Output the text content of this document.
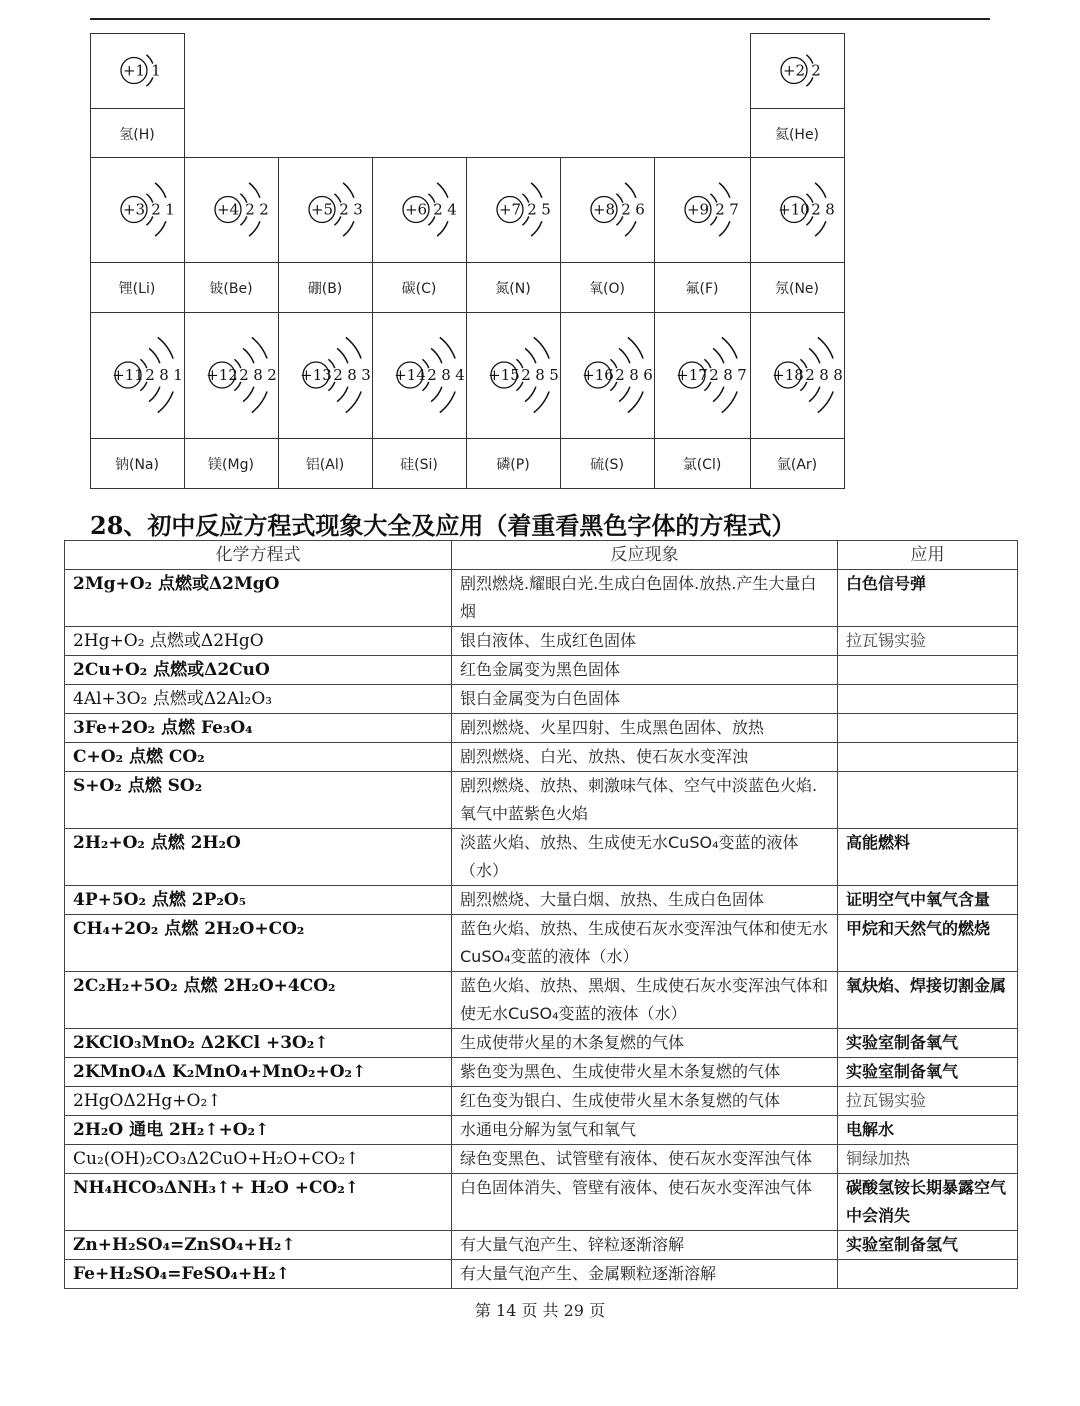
+1 1
氢(H)
+2 2
氦(He)
+3 2 1
锂(Li)
+4 2 2
铍(Be)
+5 2 3
硼(B)
+6 2 4
碳(C)
+7 2 5
氮(N)
+8 2 6
氧(O)
+9 2 7
氟(F)
+10 2 8
氖(Ne)
+11 2 8 1
钠(Na)
+12 2 8 2
镁(Mg)
+13 2 8 3
铝(Al)
+14 2 8 4
硅(Si)
+15 2 8 5
磷(P)
+16 2 8 6
硫(S)
+17 2 8 7
氯(Cl)
+18 2 8 8
氩(Ar)
28、初中反应方程式现象大全及应用（着重看黑色字体的方程式）
化学方程式	反应现象	应用
2Mg+O₂ 点燃或Δ2MgO	剧烈燃烧.耀眼白光.生成白色固体.放热.产生大量白烟	白色信号弹
2Hg+O₂ 点燃或Δ2HgO	银白液体、生成红色固体	拉瓦锡实验
2Cu+O₂ 点燃或Δ2CuO	红色金属变为黑色固体	
4Al+3O₂ 点燃或Δ2Al₂O₃	银白金属变为白色固体	
3Fe+2O₂ 点燃 Fe₃O₄	剧烈燃烧、火星四射、生成黑色固体、放热	
C+O₂ 点燃 CO₂	剧烈燃烧、白光、放热、使石灰水变浑浊	
S+O₂ 点燃 SO₂	剧烈燃烧、放热、刺激味气体、空气中淡蓝色火焰.氧气中蓝紫色火焰	
2H₂+O₂ 点燃 2H₂O	淡蓝火焰、放热、生成使无水CuSO₄变蓝的液体（水）	高能燃料
4P+5O₂ 点燃 2P₂O₅	剧烈燃烧、大量白烟、放热、生成白色固体	证明空气中氧气含量
CH₄+2O₂ 点燃 2H₂O+CO₂	蓝色火焰、放热、生成使石灰水变浑浊气体和使无水CuSO₄变蓝的液体（水）	甲烷和天然气的燃烧
2C₂H₂+5O₂ 点燃 2H₂O+4CO₂	蓝色火焰、放热、黑烟、生成使石灰水变浑浊气体和使无水CuSO₄变蓝的液体（水）	氧炔焰、焊接切割金属
2KClO₃MnO₂ Δ2KCl +3O₂↑	生成使带火星的木条复燃的气体	实验室制备氧气
2KMnO₄Δ K₂MnO₄+MnO₂+O₂↑	紫色变为黑色、生成使带火星木条复燃的气体	实验室制备氧气
2HgOΔ2Hg+O₂↑	红色变为银白、生成使带火星木条复燃的气体	拉瓦锡实验
2H₂O 通电 2H₂↑+O₂↑	水通电分解为氢气和氧气	电解水
Cu₂(OH)₂CO₃Δ2CuO+H₂O+CO₂↑	绿色变黑色、试管壁有液体、使石灰水变浑浊气体	铜绿加热
NH₄HCO₃ΔNH₃↑+ H₂O +CO₂↑	白色固体消失、管壁有液体、使石灰水变浑浊气体	碳酸氢铵长期暴露空气中会消失
Zn+H₂SO₄=ZnSO₄+H₂↑	有大量气泡产生、锌粒逐渐溶解	实验室制备氢气
Fe+H₂SO₄=FeSO₄+H₂↑	有大量气泡产生、金属颗粒逐渐溶解	
第 14 页 共 29 页
